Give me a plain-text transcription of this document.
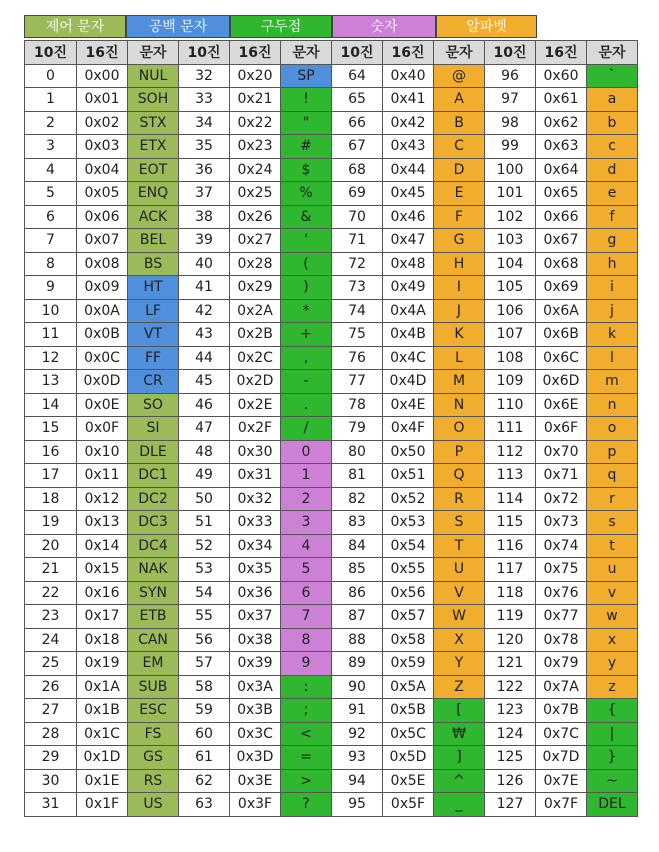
제어 문자	공백 문자	구두점	숫자	알파벳
10진	16진	문자	10진	16진	문자	10진	16진	문자	10진	16진	문자
0	0x00	NUL	32	0x20	SP	64	0x40	@	96	0x60	`
1	0x01	SOH	33	0x21	!	65	0x41	A	97	0x61	a
2	0x02	STX	34	0x22	"	66	0x42	B	98	0x62	b
3	0x03	ETX	35	0x23	#	67	0x43	C	99	0x63	c
4	0x04	EOT	36	0x24	$	68	0x44	D	100	0x64	d
5	0x05	ENQ	37	0x25	%	69	0x45	E	101	0x65	e
6	0x06	ACK	38	0x26	&	70	0x46	F	102	0x66	f
7	0x07	BEL	39	0x27	'	71	0x47	G	103	0x67	g
8	0x08	BS	40	0x28	(	72	0x48	H	104	0x68	h
9	0x09	HT	41	0x29	)	73	0x49	I	105	0x69	i
10	0x0A	LF	42	0x2A	*	74	0x4A	J	106	0x6A	j
11	0x0B	VT	43	0x2B	+	75	0x4B	K	107	0x6B	k
12	0x0C	FF	44	0x2C	,	76	0x4C	L	108	0x6C	l
13	0x0D	CR	45	0x2D	-	77	0x4D	M	109	0x6D	m
14	0x0E	SO	46	0x2E	.	78	0x4E	N	110	0x6E	n
15	0x0F	SI	47	0x2F	/	79	0x4F	O	111	0x6F	o
16	0x10	DLE	48	0x30	0	80	0x50	P	112	0x70	p
17	0x11	DC1	49	0x31	1	81	0x51	Q	113	0x71	q
18	0x12	DC2	50	0x32	2	82	0x52	R	114	0x72	r
19	0x13	DC3	51	0x33	3	83	0x53	S	115	0x73	s
20	0x14	DC4	52	0x34	4	84	0x54	T	116	0x74	t
21	0x15	NAK	53	0x35	5	85	0x55	U	117	0x75	u
22	0x16	SYN	54	0x36	6	86	0x56	V	118	0x76	v
23	0x17	ETB	55	0x37	7	87	0x57	W	119	0x77	w
24	0x18	CAN	56	0x38	8	88	0x58	X	120	0x78	x
25	0x19	EM	57	0x39	9	89	0x59	Y	121	0x79	y
26	0x1A	SUB	58	0x3A	:	90	0x5A	Z	122	0x7A	z
27	0x1B	ESC	59	0x3B	;	91	0x5B	[	123	0x7B	{
28	0x1C	FS	60	0x3C	<	92	0x5C	₩	124	0x7C	|
29	0x1D	GS	61	0x3D	=	93	0x5D	]	125	0x7D	}
30	0x1E	RS	62	0x3E	>	94	0x5E	^	126	0x7E	~
31	0x1F	US	63	0x3F	?	95	0x5F	_	127	0x7F	DEL
